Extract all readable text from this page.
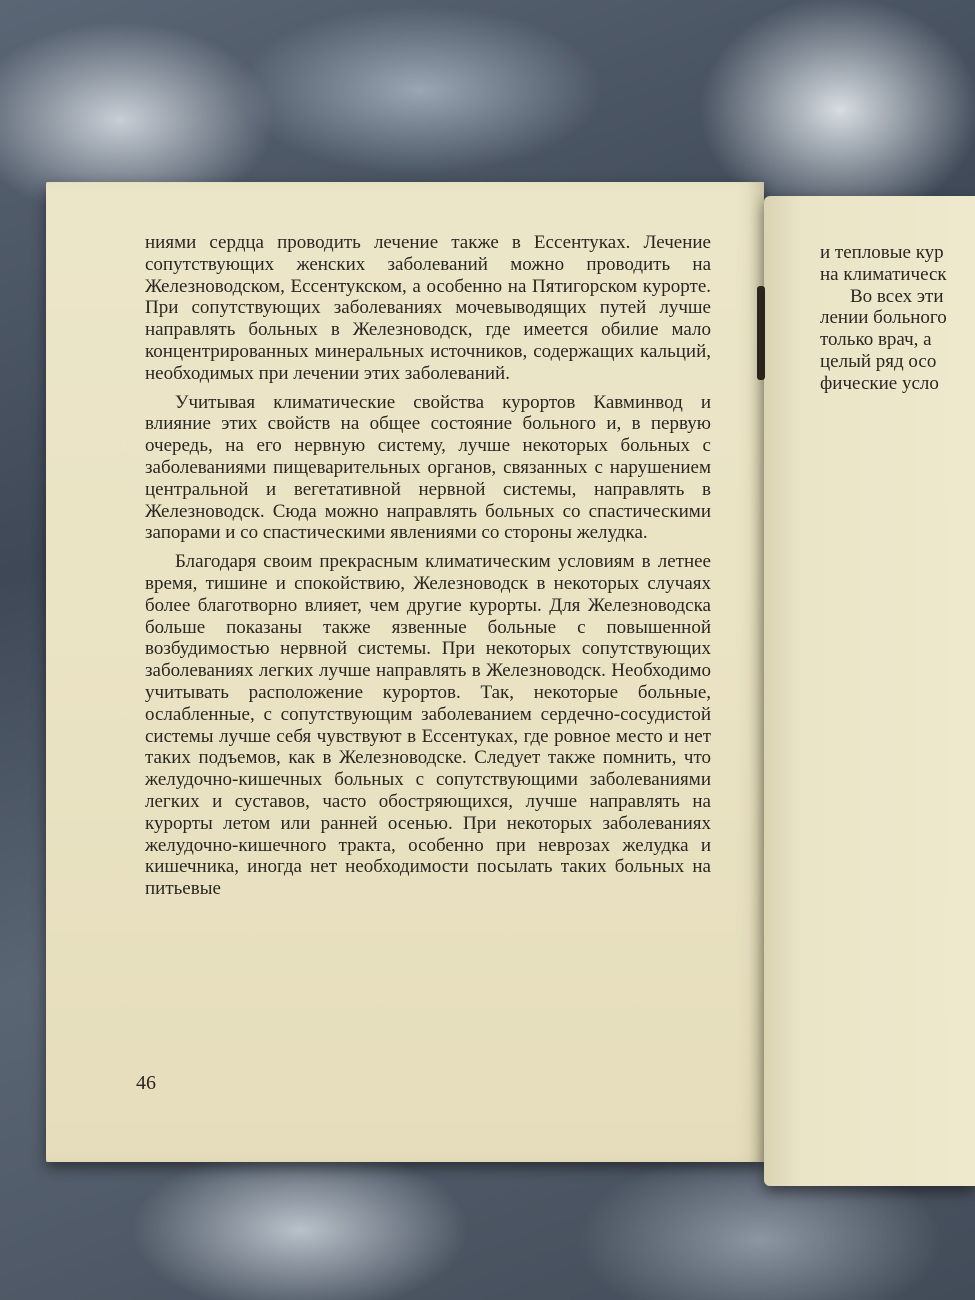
ниями сердца проводить лечение также в Ессентуках. Лечение сопутствующих женских заболеваний можно проводить на Железноводском, Ессентукском, а особенно на Пятигорском курорте. При сопутствующих заболеваниях мочевыводящих путей лучше направлять больных в Железноводск, где имеется обилие мало концентрированных минеральных источников, содержащих кальций, необходимых при лечении этих заболеваний.

Учитывая климатические свойства курортов Кавминвод и влияние этих свойств на общее состояние больного и, в первую очередь, на его нервную систему, лучше некоторых больных с заболеваниями пищеварительных органов, связанных с нарушением центральной и вегетативной нервной системы, направлять в Железноводск. Сюда можно направлять больных со спастическими запорами и со спастическими явлениями со стороны желудка.

Благодаря своим прекрасным климатическим условиям в летнее время, тишине и спокойствию, Железноводск в некоторых случаях более благотворно влияет, чем другие курорты. Для Железноводска больше показаны также язвенные больные с повышенной возбудимостью нервной системы. При некоторых сопутствующих заболеваниях легких лучше направлять в Железноводск. Необходимо учитывать расположение курортов. Так, некоторые больные, ослабленные, с сопутствующим заболеванием сердечно-сосудистой системы лучше себя чувствуют в Ессентуках, где ровное место и нет таких подъемов, как в Железноводске. Следует также помнить, что желудочно-кишечных больных с сопутствующими заболеваниями легких и суставов, часто обостряющихся, лучше направлять на курорты летом или ранней осенью. При некоторых заболеваниях желудочно-кишечного тракта, особенно при неврозах желудка и кишечника, иногда нет необходимости посылать таких больных на питьевые

46
и тепловые кур
на климатическ
Во всех эти
лении больного
только врач, а
целый ряд осо
фические усло
